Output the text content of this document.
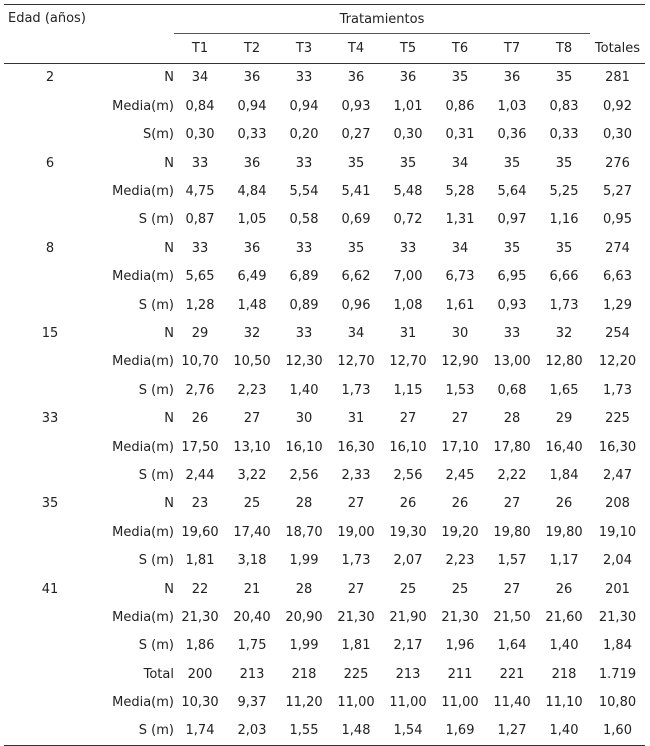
Edad (años)		Tratamientos								
		T1	T2	T3	T4	T5	T6	T7	T8	Totales
2	N	34	36	33	36	36	35	36	35	281
	Media(m)	0,84	0,94	0,94	0,93	1,01	0,86	1,03	0,83	0,92
	S(m)	0,30	0,33	0,20	0,27	0,30	0,31	0,36	0,33	0,30
6	N	33	36	33	35	35	34	35	35	276
	Media(m)	4,75	4,84	5,54	5,41	5,48	5,28	5,64	5,25	5,27
	S (m)	0,87	1,05	0,58	0,69	0,72	1,31	0,97	1,16	0,95
8	N	33	36	33	35	33	34	35	35	274
	Media(m)	5,65	6,49	6,89	6,62	7,00	6,73	6,95	6,66	6,63
	S (m)	1,28	1,48	0,89	0,96	1,08	1,61	0,93	1,73	1,29
15	N	29	32	33	34	31	30	33	32	254
	Media(m)	10,70	10,50	12,30	12,70	12,70	12,90	13,00	12,80	12,20
	S (m)	2,76	2,23	1,40	1,73	1,15	1,53	0,68	1,65	1,73
33	N	26	27	30	31	27	27	28	29	225
	Media(m)	17,50	13,10	16,10	16,30	16,10	17,10	17,80	16,40	16,30
	S (m)	2,44	3,22	2,56	2,33	2,56	2,45	2,22	1,84	2,47
35	N	23	25	28	27	26	26	27	26	208
	Media(m)	19,60	17,40	18,70	19,00	19,30	19,20	19,80	19,80	19,10
	S (m)	1,81	3,18	1,99	1,73	2,07	2,23	1,57	1,17	2,04
41	N	22	21	28	27	25	25	27	26	201
	Media(m)	21,30	20,40	20,90	21,30	21,90	21,30	21,50	21,60	21,30
	S (m)	1,86	1,75	1,99	1,81	2,17	1,96	1,64	1,40	1,84
	Total	200	213	218	225	213	211	221	218	1.719
	Media(m)	10,30	9,37	11,20	11,00	11,00	11,00	11,40	11,10	10,80
	S (m)	1,74	2,03	1,55	1,48	1,54	1,69	1,27	1,40	1,60
